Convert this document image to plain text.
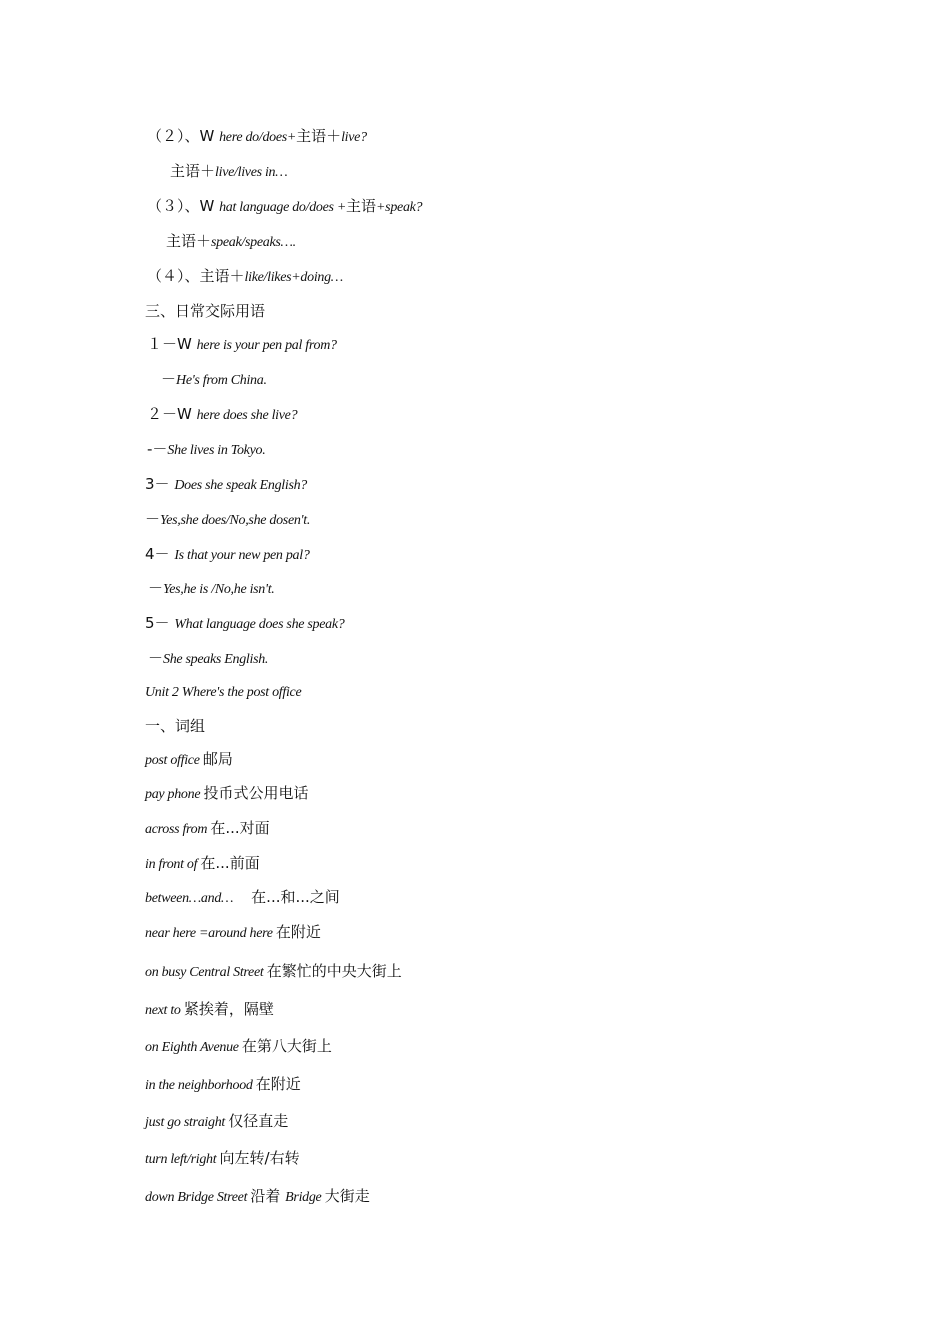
（２）、W here do/does+主语＋live?
主语＋live/lives in…
（３）、W hat language do/does +主语+speak?
主语＋speak/speaks….
（４）、主语＋like/likes+doing…
三、日常交际用语
１－W here is your pen pal from?
－He's from China.
２－W here does she live?
-－She lives in Tokyo.
3－ Does she speak English?
－Yes,she does/No,she dosen't.
4－ Is that your new pen pal?
－Yes,he is /No,he isn't.
5－ What language does she speak?
－She speaks English.
Unit 2 Where's the post office
一、词组
post office 邮局
pay phone 投币式公用电话
across from 在...对面
in front of 在...前面
between…and… 在...和...之间
near here =around here 在附近
on busy Central Street 在繁忙的中央大街上
next to 紧挨着，隔壁
on Eighth Avenue 在第八大街上
in the neighborhood 在附近
just go straight 仅径直走
turn left/right 向左转/右转
down Bridge Street 沿着 Bridge 大街走
